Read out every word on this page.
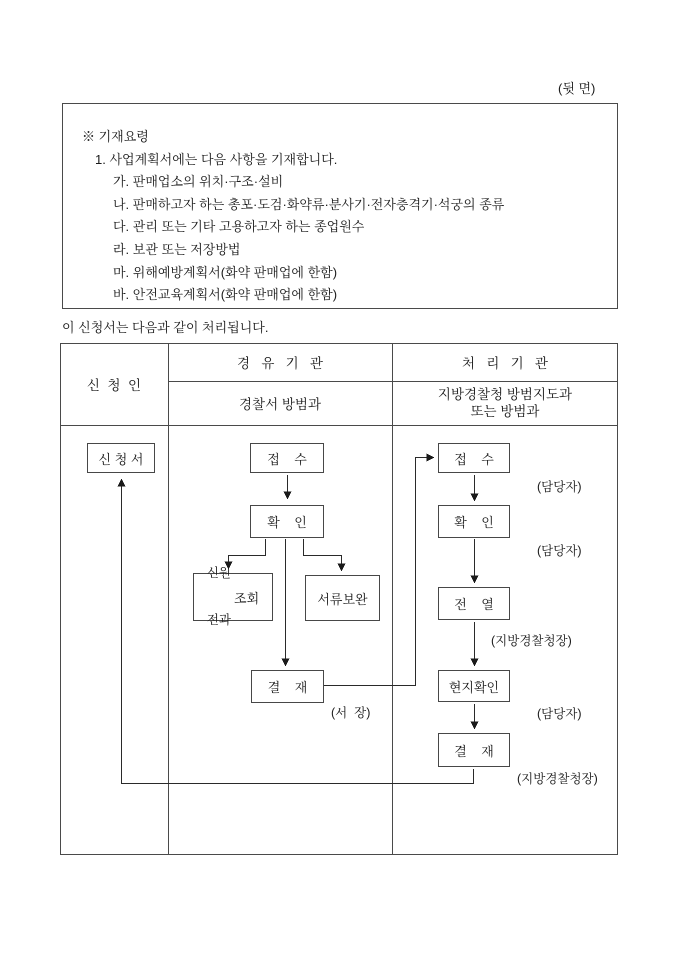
(뒷 면)
※ 기재요령
1. 사업계획서에는 다음 사항을 기재합니다.
가. 판매업소의 위치·구조·설비
나. 판매하고자 하는 총포·도검·화약류·분사기·전자충격기·석궁의 종류
다. 관리 또는 기타 고용하고자 하는 종업원수
라. 보관 또는 저장방법
마. 위해예방계획서(화약 판매업에 한함)
바. 안전교육계획서(화약 판매업에 한함)
이 신청서는 다음과 같이 처리됩니다.
신  청  인
경   유   기   관	처   리   기   관
경찰서 방범과
지방경찰청 방범지도과
또는 방범과
신 청 서	접    수
확    인

신원

전과

조회	서류보완
결    재
(서  장)
접    수
(담당자)
확    인
(담당자)
전    열
(지방경찰청장)
현지확인
(담당자)
결    재
(지방경찰청장)
